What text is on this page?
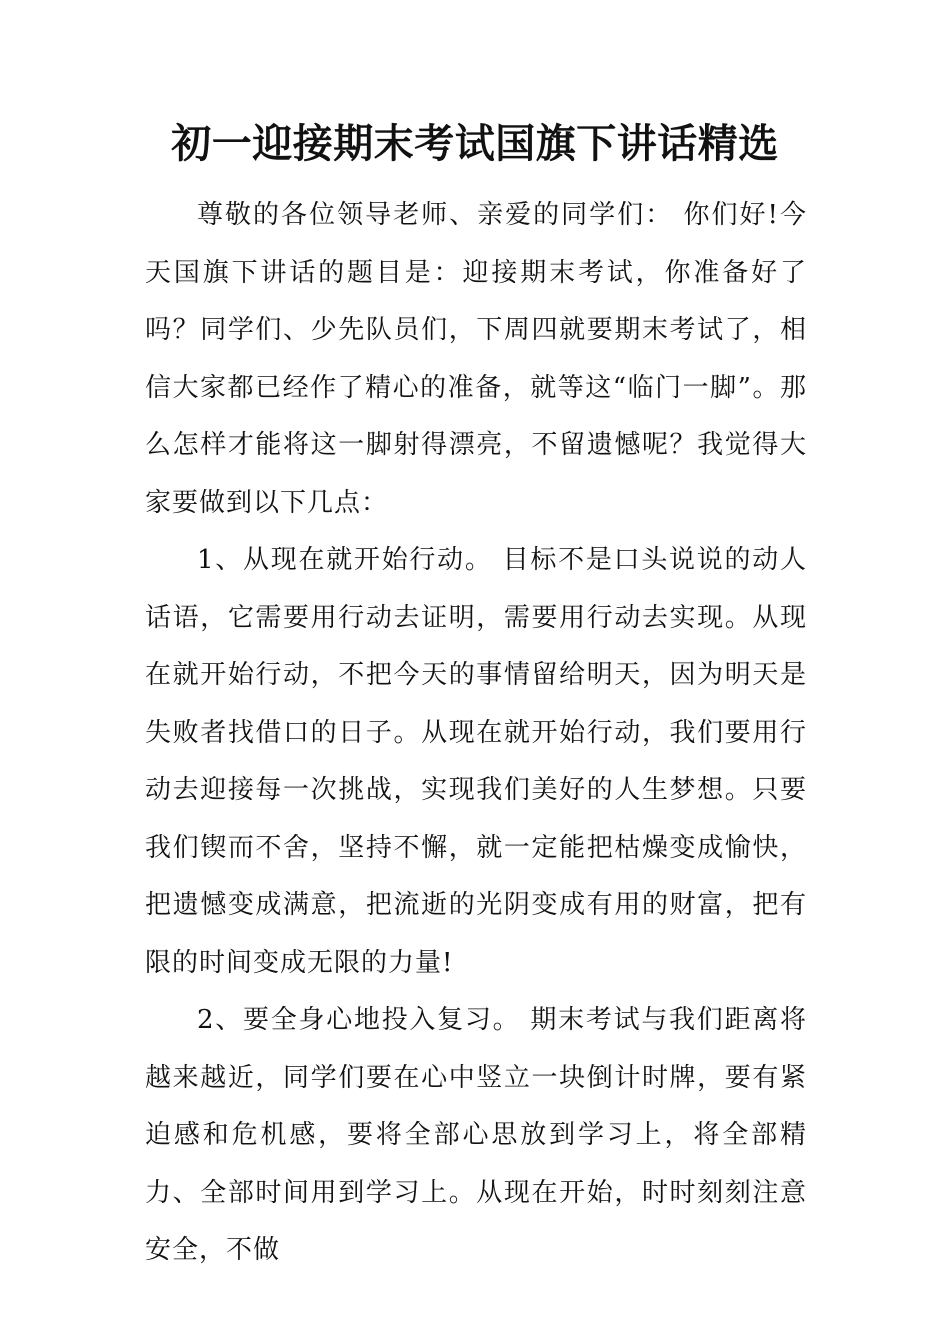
初一迎接期末考试国旗下讲话精选

尊敬的各位领导老师、亲爱的同学们： 你们好!今天国旗下讲话的题目是：迎接期末考试，你准备好了吗？同学们、少先队员们，下周四就要期末考试了，相信大家都已经作了精心的准备，就等这“临门一脚”。那么怎样才能将这一脚射得漂亮，不留遗憾呢？我觉得大家要做到以下几点：

1、从现在就开始行动。 目标不是口头说说的动人话语，它需要用行动去证明，需要用行动去实现。从现在就开始行动，不把今天的事情留给明天，因为明天是失败者找借口的日子。从现在就开始行动，我们要用行动去迎接每一次挑战，实现我们美好的人生梦想。只要我们锲而不舍，坚持不懈，就一定能把枯燥变成愉快，把遗憾变成满意，把流逝的光阴变成有用的财富，把有限的时间变成无限的力量!

2、要全身心地投入复习。 期末考试与我们距离将越来越近，同学们要在心中竖立一块倒计时牌，要有紧迫感和危机感，要将全部心思放到学习上，将全部精力、全部时间用到学习上。从现在开始，时时刻刻注意安全，不做
